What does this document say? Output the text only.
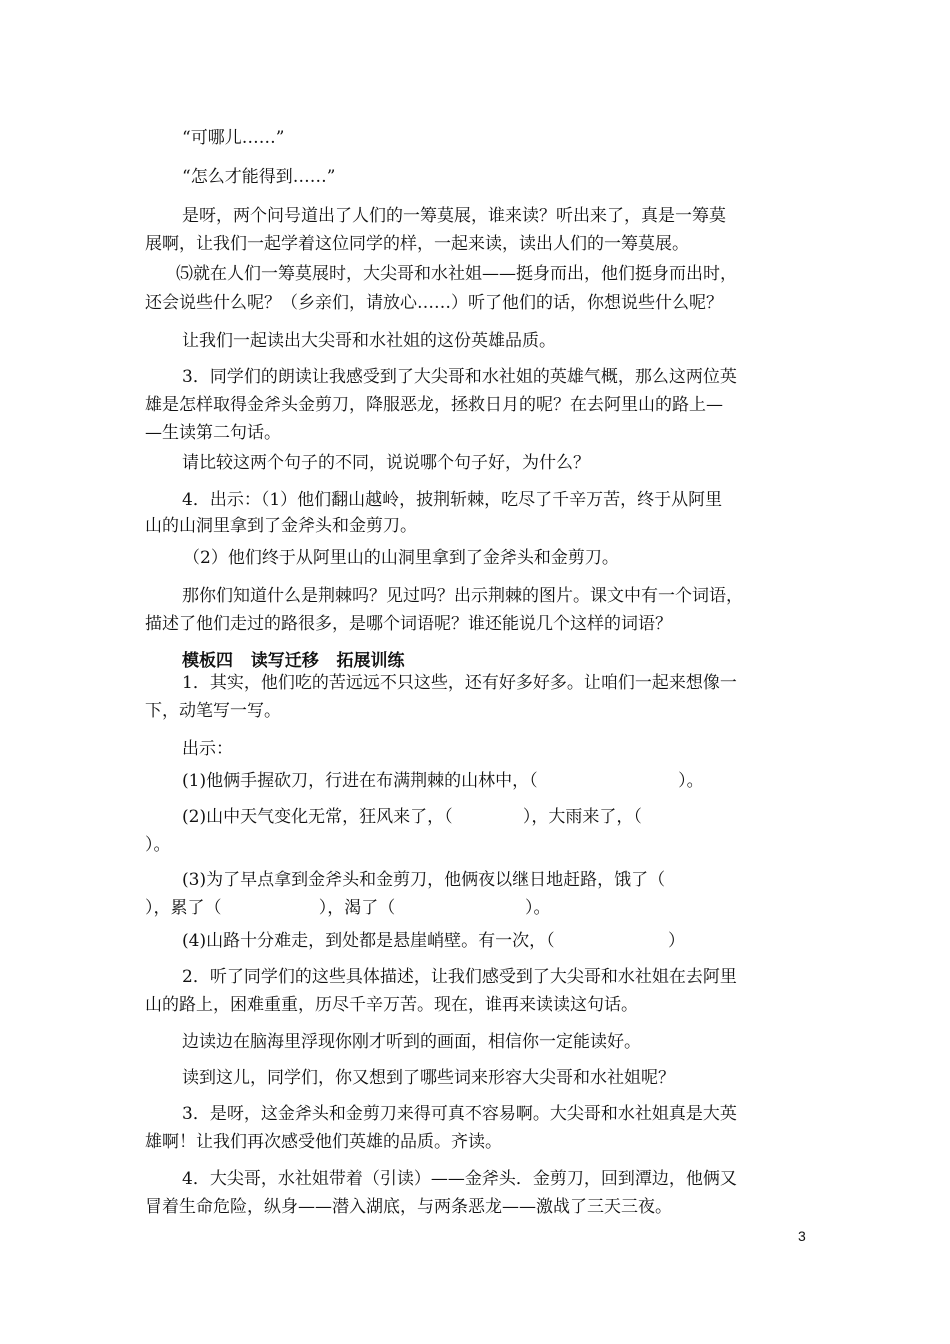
“可哪儿……”
“怎么才能得到……”
是呀，两个问号道出了人们的一筹莫展，谁来读？听出来了，真是一筹莫
展啊，让我们一起学着这位同学的样，一起来读，读出人们的一筹莫展。
⑸就在人们一筹莫展时，大尖哥和水社姐——挺身而出，他们挺身而出时，
还会说些什么呢？（乡亲们，请放心……）听了他们的话，你想说些什么呢？
让我们一起读出大尖哥和水社姐的这份英雄品质。
3．同学们的朗读让我感受到了大尖哥和水社姐的英雄气概，那么这两位英
雄是怎样取得金斧头金剪刀，降服恶龙，拯救日月的呢？在去阿里山的路上—
—生读第二句话。
请比较这两个句子的不同，说说哪个句子好，为什么？
4．出示：（1）他们翻山越岭，披荆斩棘，吃尽了千辛万苦，终于从阿里
山的山洞里拿到了金斧头和金剪刀。
（2）他们终于从阿里山的山洞里拿到了金斧头和金剪刀。
那你们知道什么是荆棘吗？见过吗？出示荆棘的图片。课文中有一个词语，
描述了他们走过的路很多，是哪个词语呢？谁还能说几个这样的词语？
模板四   读写迁移   拓展训练
1．其实，他们吃的苦远远不只这些，还有好多好多。让咱们一起来想像一
下，动笔写一写。
出示：
(1)他俩手握砍刀，行进在布满荆棘的山林中，（                          ）。
(2)山中天气变化无常，狂风来了，（             ），大雨来了，（
）。
(3)为了早点拿到金斧头和金剪刀，他俩夜以继日地赶路，饿了（
），累了（                  ），渴了（                        ）。
(4)山路十分难走，到处都是悬崖峭壁。有一次，（                     ）
2．听了同学们的这些具体描述，让我们感受到了大尖哥和水社姐在去阿里
山的路上，困难重重，历尽千辛万苦。现在，谁再来读读这句话。
边读边在脑海里浮现你刚才听到的画面，相信你一定能读好。
读到这儿，同学们，你又想到了哪些词来形容大尖哥和水社姐呢？
3．是呀，这金斧头和金剪刀来得可真不容易啊。大尖哥和水社姐真是大英
雄啊！让我们再次感受他们英雄的品质。齐读。
4．大尖哥，水社姐带着（引读）——金斧头．金剪刀，回到潭边，他俩又
冒着生命危险，纵身——潜入湖底，与两条恶龙——激战了三天三夜。
3
